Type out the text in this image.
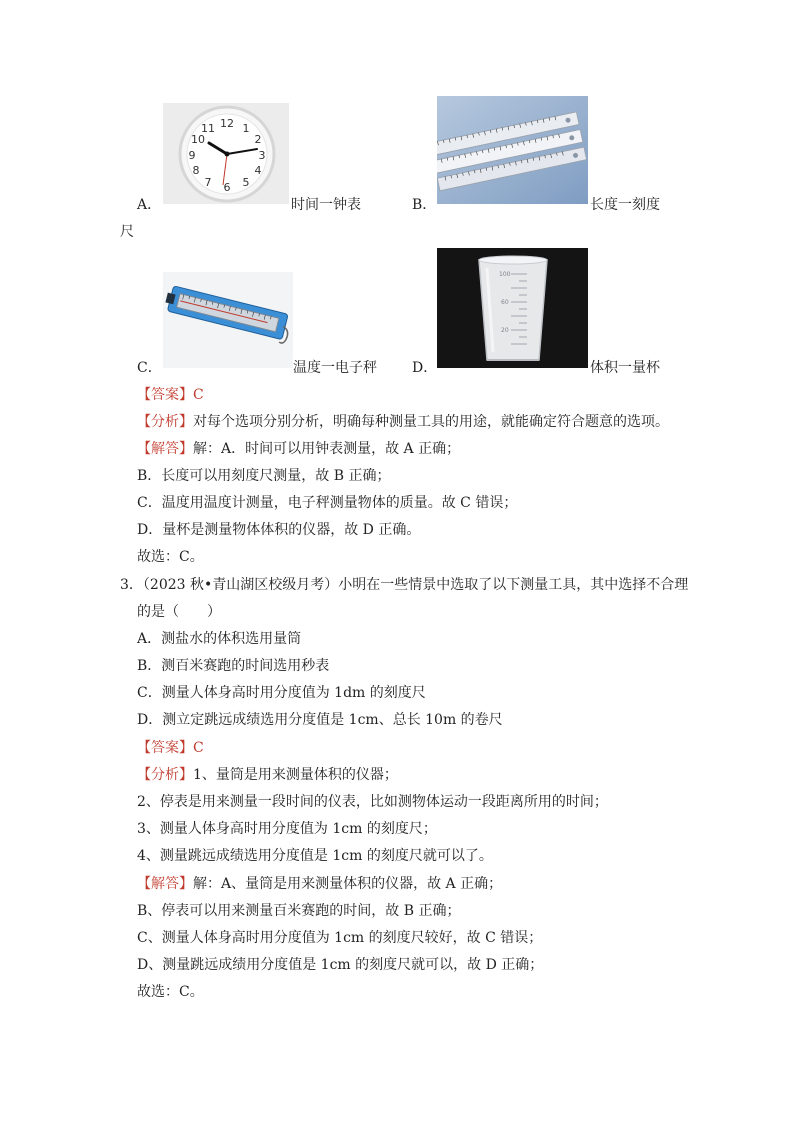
12 1
2
3
4
5
6
7
8
9
10
11
A．	时间一钟表	B．	长度一刻度
尺
C．	温度一电子秤
100
60
20
D．	体积一量杯
【答案】C
【分析】对每个选项分别分析，明确每种测量工具的用途，就能确定符合题意的选项。
【解答】解：A．时间可以用钟表测量，故 A 正确；
B．长度可以用刻度尺测量，故 B 正确；
C．温度用温度计测量，电子秤测量物体的质量。故 C 错误；
D．量杯是测量物体体积的仪器，故 D 正确。
故选：C。
3．（2023 秋•青山湖区校级月考）小明在一些情景中选取了以下测量工具，其中选择不合理
的是（　　）
A．测盐水的体积选用量筒
B．测百米赛跑的时间选用秒表
C．测量人体身高时用分度值为 1dm 的刻度尺
D．测立定跳远成绩选用分度值是 1cm、总长 10m 的卷尺
【答案】C
【分析】1、量筒是用来测量体积的仪器；
2、停表是用来测量一段时间的仪表，比如测物体运动一段距离所用的时间；
3、测量人体身高时用分度值为 1cm 的刻度尺；
4、测量跳远成绩选用分度值是 1cm 的刻度尺就可以了。
【解答】解：A、量筒是用来测量体积的仪器，故 A 正确；
B、停表可以用来测量百米赛跑的时间，故 B 正确；
C、测量人体身高时用分度值为 1cm 的刻度尺较好，故 C 错误；
D、测量跳远成绩用分度值是 1cm 的刻度尺就可以，故 D 正确；
故选：C。
